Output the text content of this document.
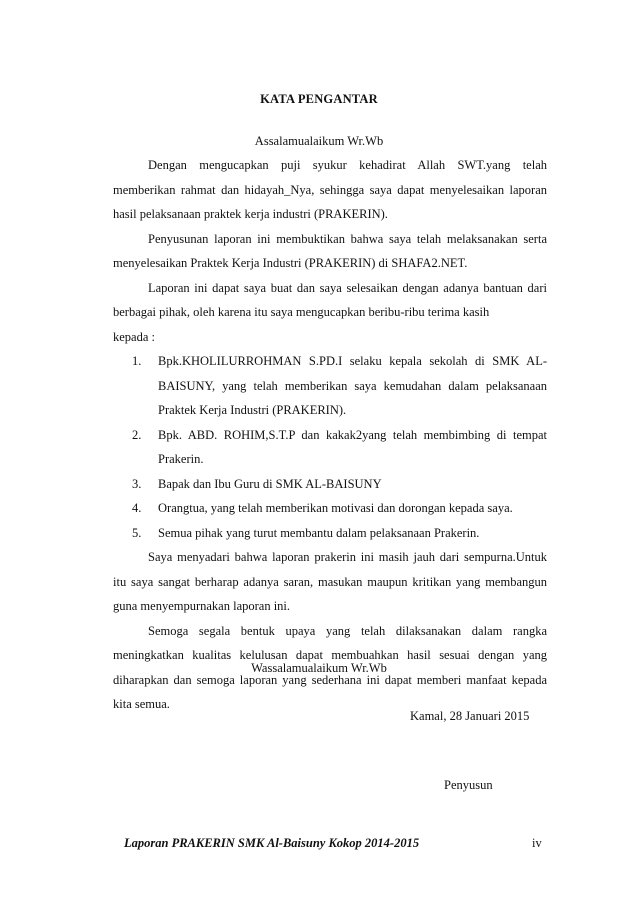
KATA PENGANTAR
Assalamualaikum Wr.Wb

Dengan mengucapkan puji syukur kehadirat Allah SWT.yang telah memberikan rahmat dan hidayah_Nya, sehingga saya dapat menyelesaikan laporan hasil pelaksanaan praktek kerja industri (PRAKERIN).

Penyusunan laporan ini membuktikan bahwa saya telah melaksanakan serta menyelesaikan Praktek Kerja Industri (PRAKERIN) di SHAFA2.NET.

Laporan ini dapat saya buat dan saya selesaikan dengan adanya bantuan dari berbagai pihak, oleh karena itu saya mengucapkan beribu-ribu terima kasih

kepada :

1. Bpk.KHOLILURROHMAN S.PD.I selaku kepala sekolah di SMK AL-BAISUNY, yang telah memberikan saya kemudahan dalam pelaksanaan Praktek Kerja Industri (PRAKERIN).
2. Bpk. ABD. ROHIM,S.T.P dan kakak2yang telah membimbing di tempat Prakerin.
3. Bapak dan Ibu Guru di SMK AL-BAISUNY
4. Orangtua, yang telah memberikan motivasi dan dorongan kepada saya.
5. Semua pihak yang turut membantu dalam pelaksanaan Prakerin.

Saya menyadari bahwa laporan prakerin ini masih jauh dari sempurna.Untuk itu saya sangat berharap adanya saran, masukan maupun kritikan yang membangun guna menyempurnakan laporan ini.

Semoga segala bentuk upaya yang telah dilaksanakan dalam rangka meningkatkan kualitas kelulusan dapat membuahkan hasil sesuai dengan yang diharapkan dan semoga laporan yang sederhana ini dapat memberi manfaat kepada kita semua.

Wassalamualaikum Wr.Wb
Kamal, 28 Januari 2015
Penyusun
Laporan PRAKERIN SMK Al-Baisuny Kokop 2014-2015	iv
